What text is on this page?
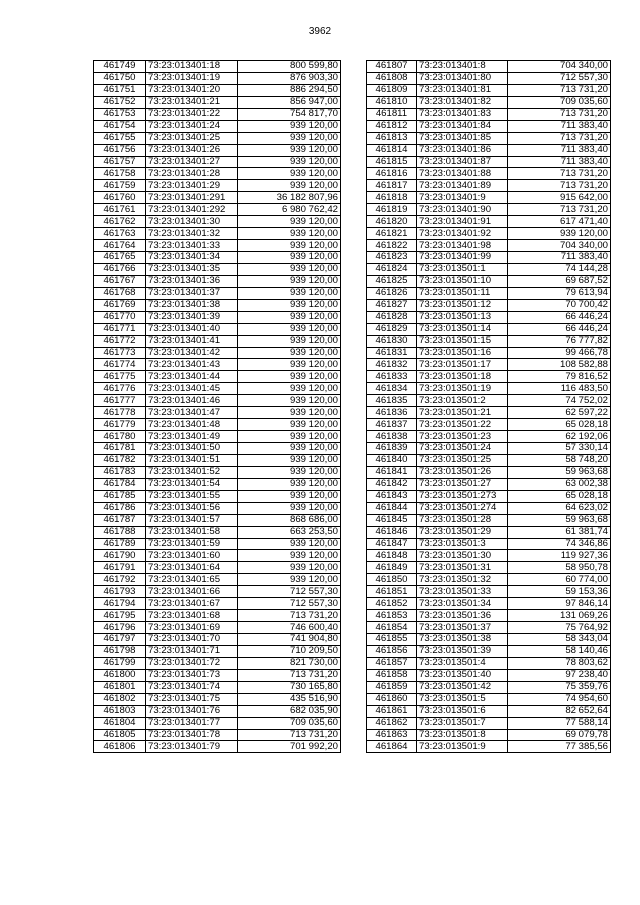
3962
461749	73:23:013401:18	800 599,80
461750	73:23:013401:19	876 903,30
461751	73:23:013401:20	886 294,50
461752	73:23:013401:21	856 947,00
461753	73:23:013401:22	754 817,70
461754	73:23:013401:24	939 120,00
461755	73:23:013401:25	939 120,00
461756	73:23:013401:26	939 120,00
461757	73:23:013401:27	939 120,00
461758	73:23:013401:28	939 120,00
461759	73:23:013401:29	939 120,00
461760	73:23:013401:291	36 182 807,96
461761	73:23:013401:292	6 980 762,42
461762	73:23:013401:30	939 120,00
461763	73:23:013401:32	939 120,00
461764	73:23:013401:33	939 120,00
461765	73:23:013401:34	939 120,00
461766	73:23:013401:35	939 120,00
461767	73:23:013401:36	939 120,00
461768	73:23:013401:37	939 120,00
461769	73:23:013401:38	939 120,00
461770	73:23:013401:39	939 120,00
461771	73:23:013401:40	939 120,00
461772	73:23:013401:41	939 120,00
461773	73:23:013401:42	939 120,00
461774	73:23:013401:43	939 120,00
461775	73:23:013401:44	939 120,00
461776	73:23:013401:45	939 120,00
461777	73:23:013401:46	939 120,00
461778	73:23:013401:47	939 120,00
461779	73:23:013401:48	939 120,00
461780	73:23:013401:49	939 120,00
461781	73:23:013401:50	939 120,00
461782	73:23:013401:51	939 120,00
461783	73:23:013401:52	939 120,00
461784	73:23:013401:54	939 120,00
461785	73:23:013401:55	939 120,00
461786	73:23:013401:56	939 120,00
461787	73:23:013401:57	868 686,00
461788	73:23:013401:58	663 253,50
461789	73:23:013401:59	939 120,00
461790	73:23:013401:60	939 120,00
461791	73:23:013401:64	939 120,00
461792	73:23:013401:65	939 120,00
461793	73:23:013401:66	712 557,30
461794	73:23:013401:67	712 557,30
461795	73:23:013401:68	713 731,20
461796	73:23:013401:69	746 600,40
461797	73:23:013401:70	741 904,80
461798	73:23:013401:71	710 209,50
461799	73:23:013401:72	821 730,00
461800	73:23:013401:73	713 731,20
461801	73:23:013401:74	730 165,80
461802	73:23:013401:75	435 516,90
461803	73:23:013401:76	682 035,90
461804	73:23:013401:77	709 035,60
461805	73:23:013401:78	713 731,20
461806	73:23:013401:79	701 992,20
461807	73:23:013401:8	704 340,00
461808	73:23:013401:80	712 557,30
461809	73:23:013401:81	713 731,20
461810	73:23:013401:82	709 035,60
461811	73:23:013401:83	713 731,20
461812	73:23:013401:84	711 383,40
461813	73:23:013401:85	713 731,20
461814	73:23:013401:86	711 383,40
461815	73:23:013401:87	711 383,40
461816	73:23:013401:88	713 731,20
461817	73:23:013401:89	713 731,20
461818	73:23:013401:9	915 642,00
461819	73:23:013401:90	713 731,20
461820	73:23:013401:91	617 471,40
461821	73:23:013401:92	939 120,00
461822	73:23:013401:98	704 340,00
461823	73:23:013401:99	711 383,40
461824	73:23:013501:1	74 144,28
461825	73:23:013501:10	69 687,52
461826	73:23:013501:11	79 613,94
461827	73:23:013501:12	70 700,42
461828	73:23:013501:13	66 446,24
461829	73:23:013501:14	66 446,24
461830	73:23:013501:15	76 777,82
461831	73:23:013501:16	99 466,78
461832	73:23:013501:17	108 582,88
461833	73:23:013501:18	79 816,52
461834	73:23:013501:19	116 483,50
461835	73:23:013501:2	74 752,02
461836	73:23:013501:21	62 597,22
461837	73:23:013501:22	65 028,18
461838	73:23:013501:23	62 192,06
461839	73:23:013501:24	57 330,14
461840	73:23:013501:25	58 748,20
461841	73:23:013501:26	59 963,68
461842	73:23:013501:27	63 002,38
461843	73:23:013501:273	65 028,18
461844	73:23:013501:274	64 623,02
461845	73:23:013501:28	59 963,68
461846	73:23:013501:29	61 381,74
461847	73:23:013501:3	74 346,86
461848	73:23:013501:30	119 927,36
461849	73:23:013501:31	58 950,78
461850	73:23:013501:32	60 774,00
461851	73:23:013501:33	59 153,36
461852	73:23:013501:34	97 846,14
461853	73:23:013501:36	131 069,26
461854	73:23:013501:37	75 764,92
461855	73:23:013501:38	58 343,04
461856	73:23:013501:39	58 140,46
461857	73:23:013501:4	78 803,62
461858	73:23:013501:40	97 238,40
461859	73:23:013501:42	75 359,76
461860	73:23:013501:5	74 954,60
461861	73:23:013501:6	82 652,64
461862	73:23:013501:7	77 588,14
461863	73:23:013501:8	69 079,78
461864	73:23:013501:9	77 385,56
